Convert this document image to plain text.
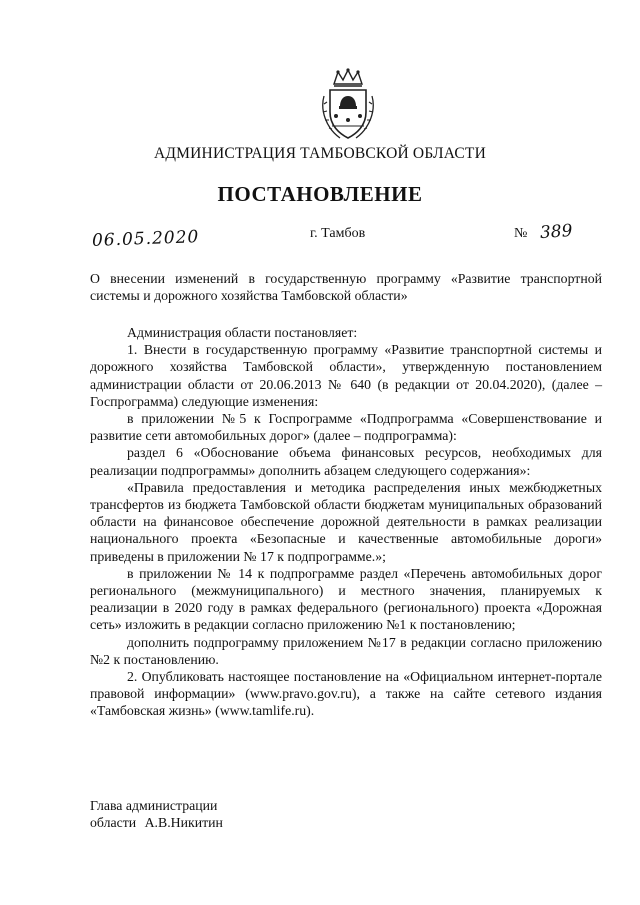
АДМИНИСТРАЦИЯ ТАМБОВСКОЙ ОБЛАСТИ
ПОСТАНОВЛЕНИЕ
06.05.2020	г. Тамбов	№ 389
О внесении изменений в государственную программу «Развитие транспортной системы и дорожного хозяйства Тамбовской области»

Администрация области постановляет:

1. Внести в государственную программу «Развитие транспортной системы и дорожного хозяйства Тамбовской области», утвержденную постановлением администрации области от 20.06.2013 № 640 (в редакции от 20.04.2020), (далее – Госпрограмма) следующие изменения:

в приложении №5 к Госпрограмме «Подпрограмма «Совершенствование и развитие сети автомобильных дорог» (далее – подпрограмма):

раздел 6 «Обоснование объема финансовых ресурсов, необходимых для реализации подпрограммы» дополнить абзацем следующего содержания»:

«Правила предоставления и методика распределения иных межбюджетных трансфертов из бюджета Тамбовской области бюджетам муниципальных образований области на финансовое обеспечение дорожной деятельности в рамках реализации национального проекта «Безопасные и качественные автомобильные дороги» приведены в приложении № 17 к подпрограмме.»;

в приложении № 14 к подпрограмме раздел «Перечень автомобильных дорог регионального (межмуниципального) и местного значения, планируемых к реализации в 2020 году в рамках федерального (регионального) проекта «Дорожная сеть» изложить в редакции согласно приложению №1 к постановлению;

дополнить подпрограмму приложением №17 в редакции согласно приложению №2 к постановлению.

2. Опубликовать настоящее постановление на «Официальном интернет-портале правовой информации» (www.pravo.gov.ru), а также на сайте сетевого издания «Тамбовская жизнь» (www.tamlife.ru).

Глава администрации
области А.В.Никитин
